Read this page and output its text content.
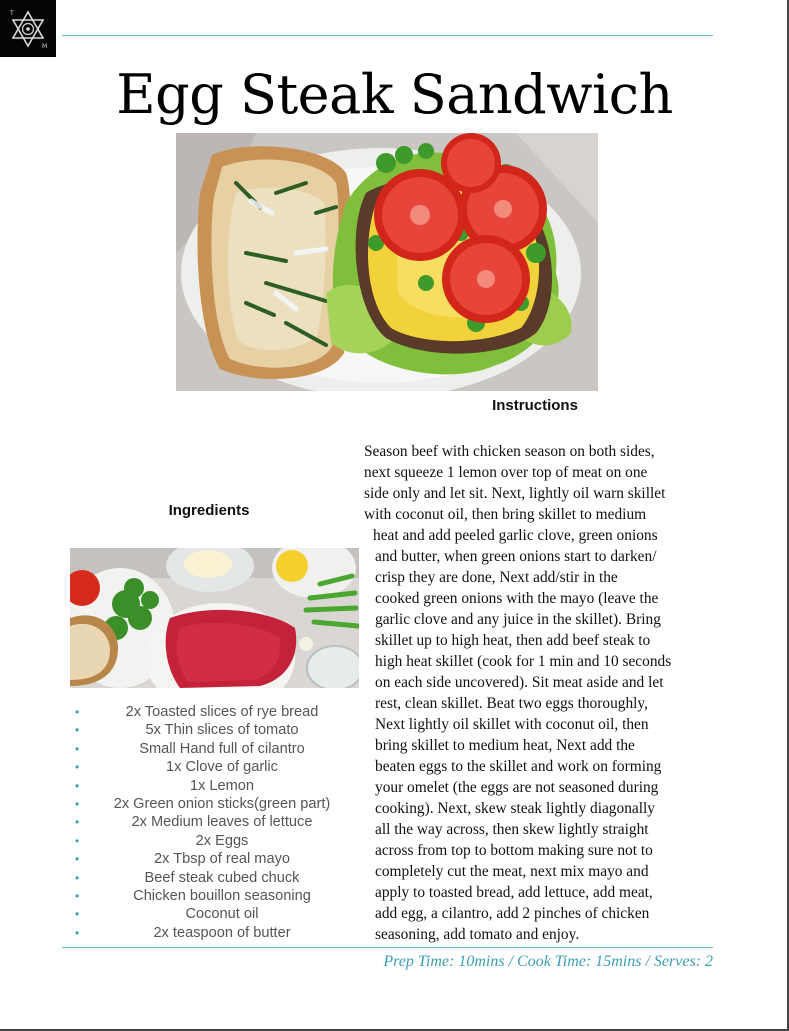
T
M
Egg Steak Sandwich
Instructions
Ingredients
•	2x Toasted slices of rye bread
•	5x Thin slices of tomato
•	Small Hand full of cilantro
•	1x Clove of garlic
•	1x Lemon
• 2x Green onion sticks(green part)
•	2x Medium leaves of lettuce
•	2x Eggs
•	2x Tbsp of real mayo
•	Beef steak cubed chuck
•	Chicken bouillon seasoning
•	Coconut oil
•	2x teaspoon of butter
Season beef with chicken season on both sides,
next squeeze 1 lemon over top of meat on one
side only and let sit. Next, lightly oil warn skillet
with coconut oil, then bring skillet to medium
heat and add peeled garlic clove, green onions
and butter, when green onions start to darken/
crisp they are done, Next add/stir in the
cooked green onions with the mayo (leave the
garlic clove and any juice in the skillet). Bring
skillet up to high heat, then add beef steak to
high heat skillet (cook for 1 min and 10 seconds
on each side uncovered). Sit meat aside and let
rest, clean skillet. Beat two eggs thoroughly,
Next lightly oil skillet with coconut oil, then
bring skillet to medium heat, Next add the
beaten eggs to the skillet and work on forming
your omelet (the eggs are not seasoned during
cooking). Next, skew steak lightly diagonally
all the way across, then skew lightly straight
across from top to bottom making sure not to
completely cut the meat, next mix mayo and
apply to toasted bread, add lettuce, add meat,
add egg, a cilantro, add 2 pinches of chicken
seasoning, add tomato and enjoy.
Prep Time: 10mins / Cook Time: 15mins / Serves: 2
